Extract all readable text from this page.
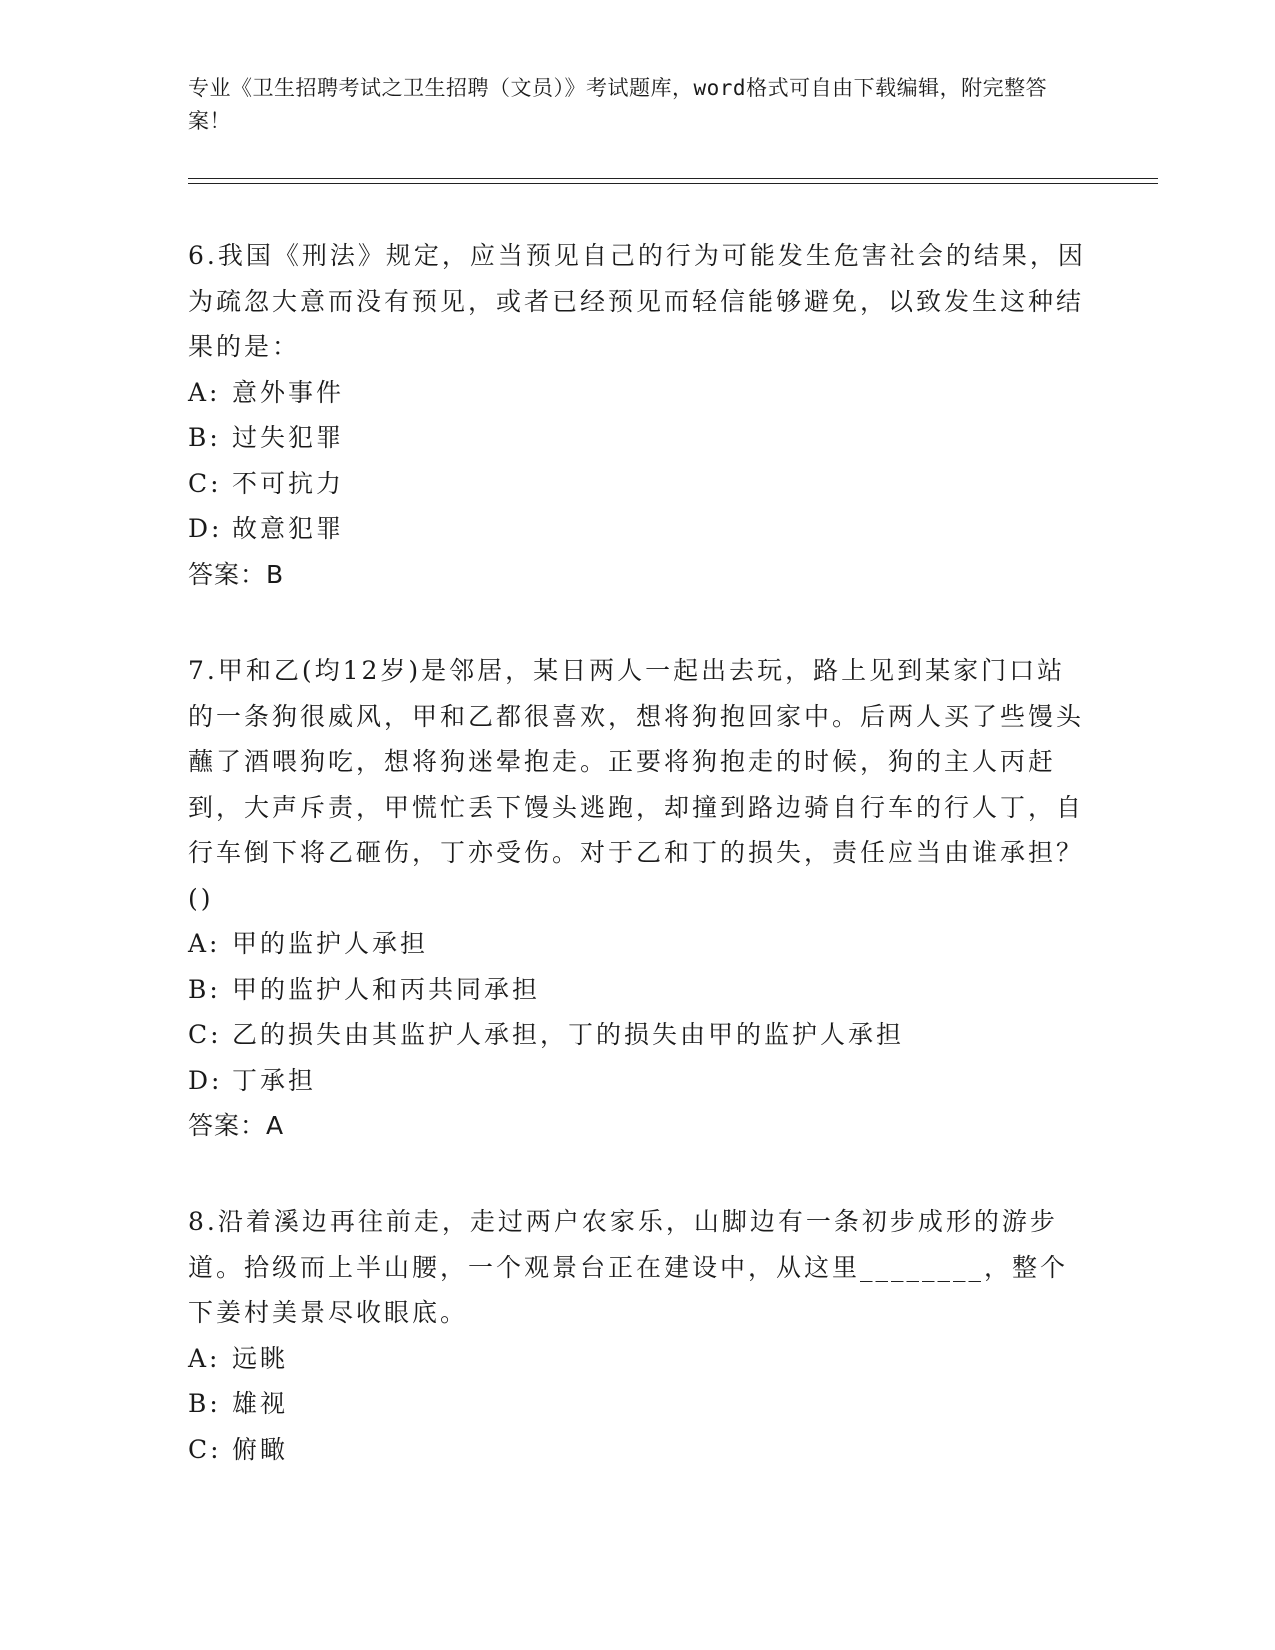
专业《卫生招聘考试之卫生招聘（文员）》考试题库，word格式可自由下载编辑，附完整答案！
6.我国《刑法》规定，应当预见自己的行为可能发生危害社会的结果，因为疏忽大意而没有预见，或者已经预见而轻信能够避免，以致发生这种结果的是：
A: 意外事件
B: 过失犯罪
C: 不可抗力
D: 故意犯罪
答案：B
7.甲和乙(均12岁)是邻居，某日两人一起出去玩，路上见到某家门口站的一条狗很威风，甲和乙都很喜欢，想将狗抱回家中。后两人买了些馒头蘸了酒喂狗吃，想将狗迷晕抱走。正要将狗抱走的时候，狗的主人丙赶到，大声斥责，甲慌忙丢下馒头逃跑，却撞到路边骑自行车的行人丁，自行车倒下将乙砸伤，丁亦受伤。对于乙和丁的损失，责任应当由谁承担？()
A: 甲的监护人承担
B: 甲的监护人和丙共同承担
C: 乙的损失由其监护人承担，丁的损失由甲的监护人承担
D: 丁承担
答案：A
8.沿着溪边再往前走，走过两户农家乐，山脚边有一条初步成形的游步道。拾级而上半山腰，一个观景台正在建设中，从这里________，整个下姜村美景尽收眼底。
A: 远眺
B: 雄视
C: 俯瞰
